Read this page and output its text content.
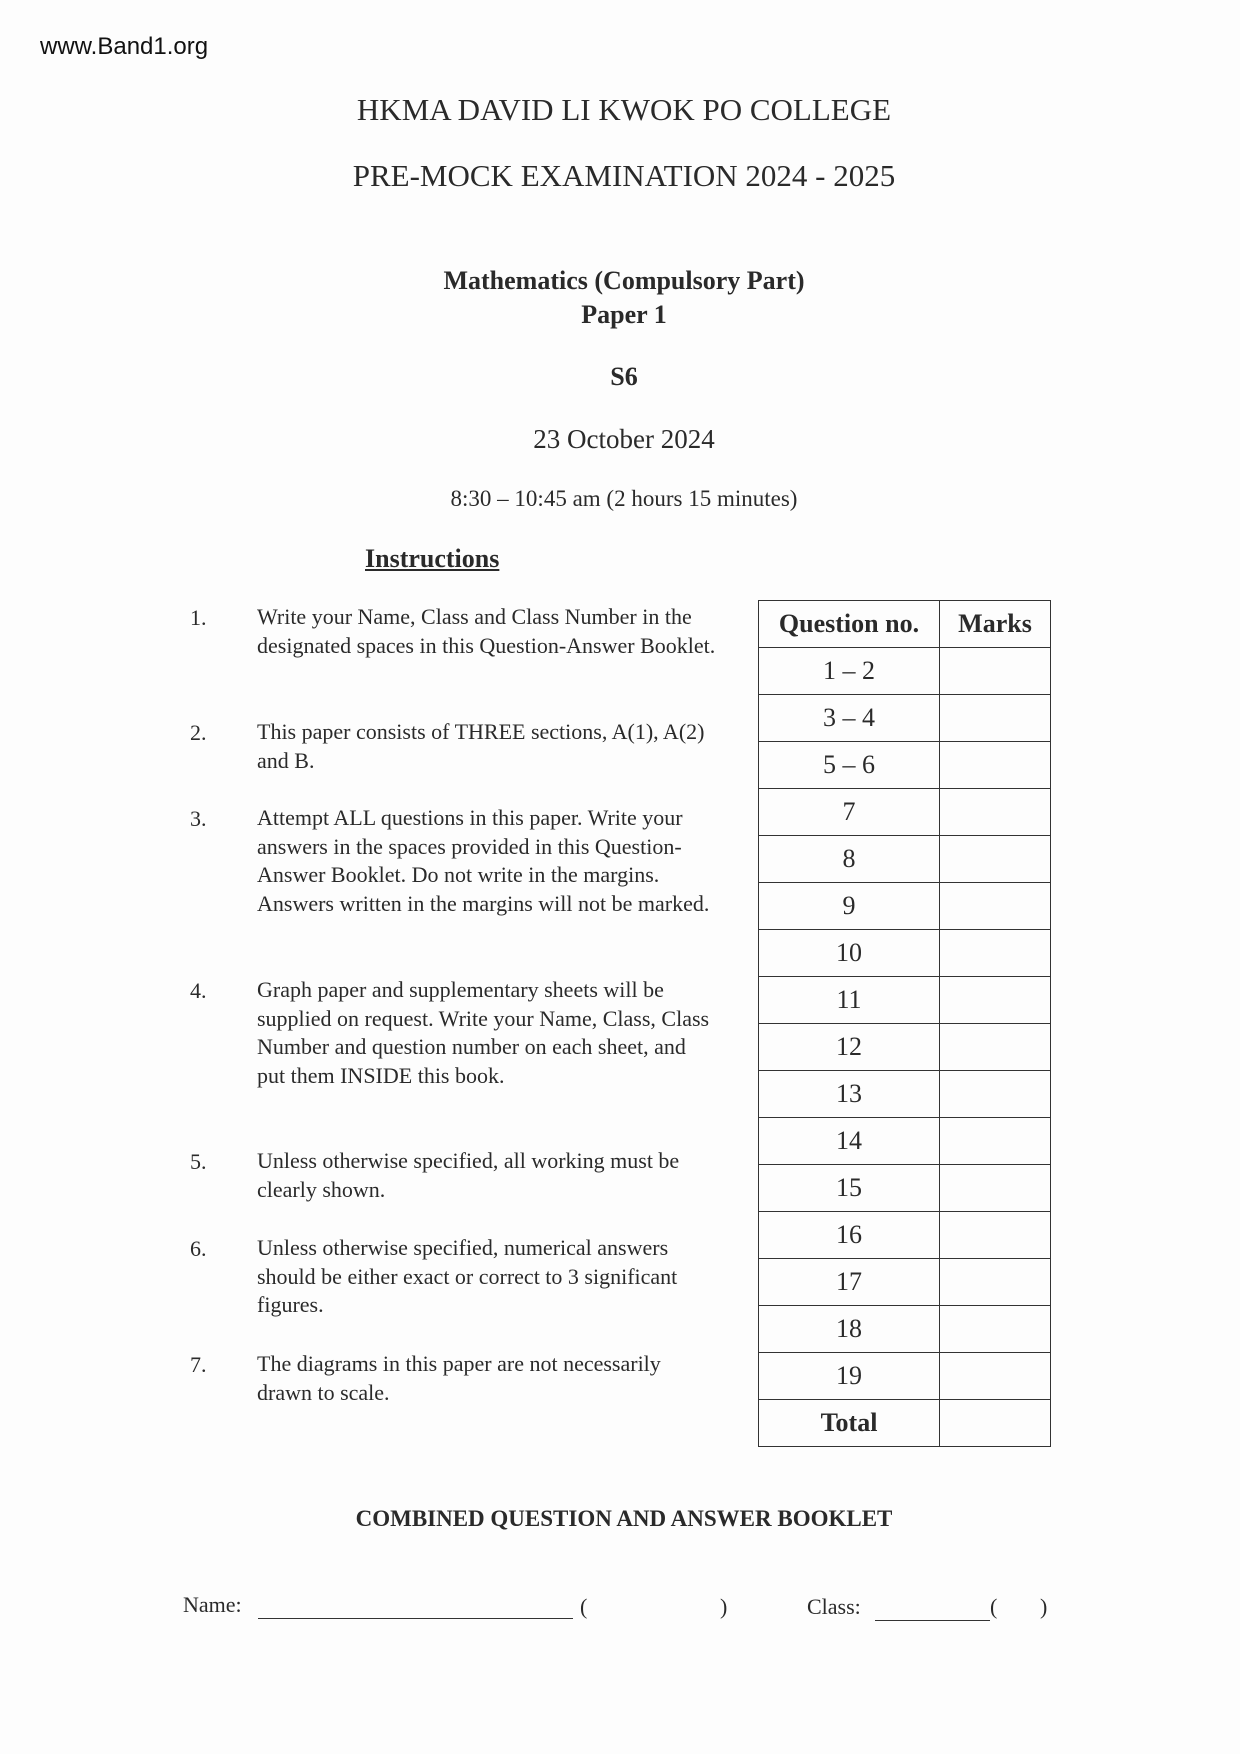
www.Band1.org
HKMA DAVID LI KWOK PO COLLEGE
PRE-MOCK EXAMINATION 2024 - 2025
Mathematics (Compulsory Part)
Paper 1
S6
23 October 2024
8:30 – 10:45 am (2 hours 15 minutes)
Instructions
1. Write your Name, Class and Class Number in the designated spaces in this Question-Answer Booklet.
2. This paper consists of THREE sections, A(1), A(2) and B.
3. Attempt ALL questions in this paper. Write your answers in the spaces provided in this Question-Answer Booklet. Do not write in the margins. Answers written in the margins will not be marked.
4. Graph paper and supplementary sheets will be supplied on request. Write your Name, Class, Class Number and question number on each sheet, and put them INSIDE this book.
5. Unless otherwise specified, all working must be clearly shown.
6. Unless otherwise specified, numerical answers should be either exact or correct to 3 significant figures.
7. The diagrams in this paper are not necessarily drawn to scale.
Question no.	Marks
1 – 2	
3 – 4	
5 – 6	
7	
8	
9	
10	
11	
12	
13	
14	
15	
16	
17	
18	
19	
Total	
COMBINED QUESTION AND ANSWER BOOKLET
Name:	(	)	Class:	( )
